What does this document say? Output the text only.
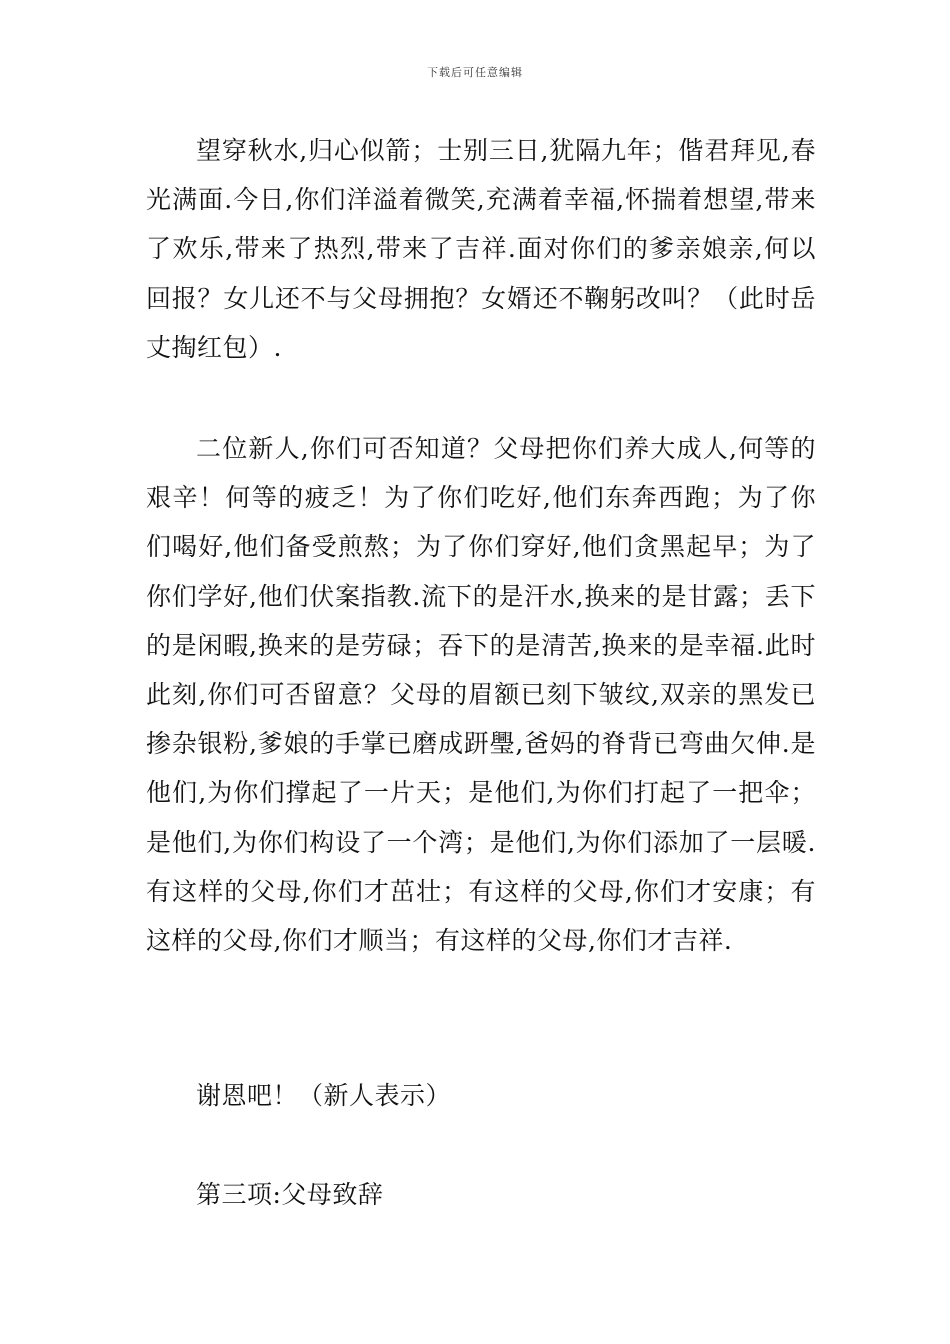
下载后可任意编辑

望穿秋水,归心似箭；士别三日,犹隔九年；偕君拜见,春光满面.今日,你们洋溢着微笑,充满着幸福,怀揣着想望,带来了欢乐,带来了热烈,带来了吉祥.面对你们的爹亲娘亲,何以回报？女儿还不与父母拥抱？女婿还不鞠躬改叫？（此时岳丈掏红包）.

二位新人,你们可否知道？父母把你们养大成人,何等的艰辛！何等的疲乏！为了你们吃好,他们东奔西跑；为了你们喝好,他们备受煎熬；为了你们穿好,他们贪黑起早；为了你们学好,他们伏案指教.流下的是汗水,换来的是甘露；丢下的是闲暇,换来的是劳碌；吞下的是清苦,换来的是幸福.此时此刻,你们可否留意？父母的眉额已刻下皱纹,双亲的黑发已掺杂银粉,爹娘的手掌已磨成趼璺,爸妈的脊背已弯曲欠伸.是他们,为你们撑起了一片天；是他们,为你们打起了一把伞；是他们,为你们构设了一个湾；是他们,为你们添加了一层暖.有这样的父母,你们才茁壮；有这样的父母,你们才安康；有这样的父母,你们才顺当；有这样的父母,你们才吉祥.

谢恩吧！（新人表示）

第三项:父母致辞
